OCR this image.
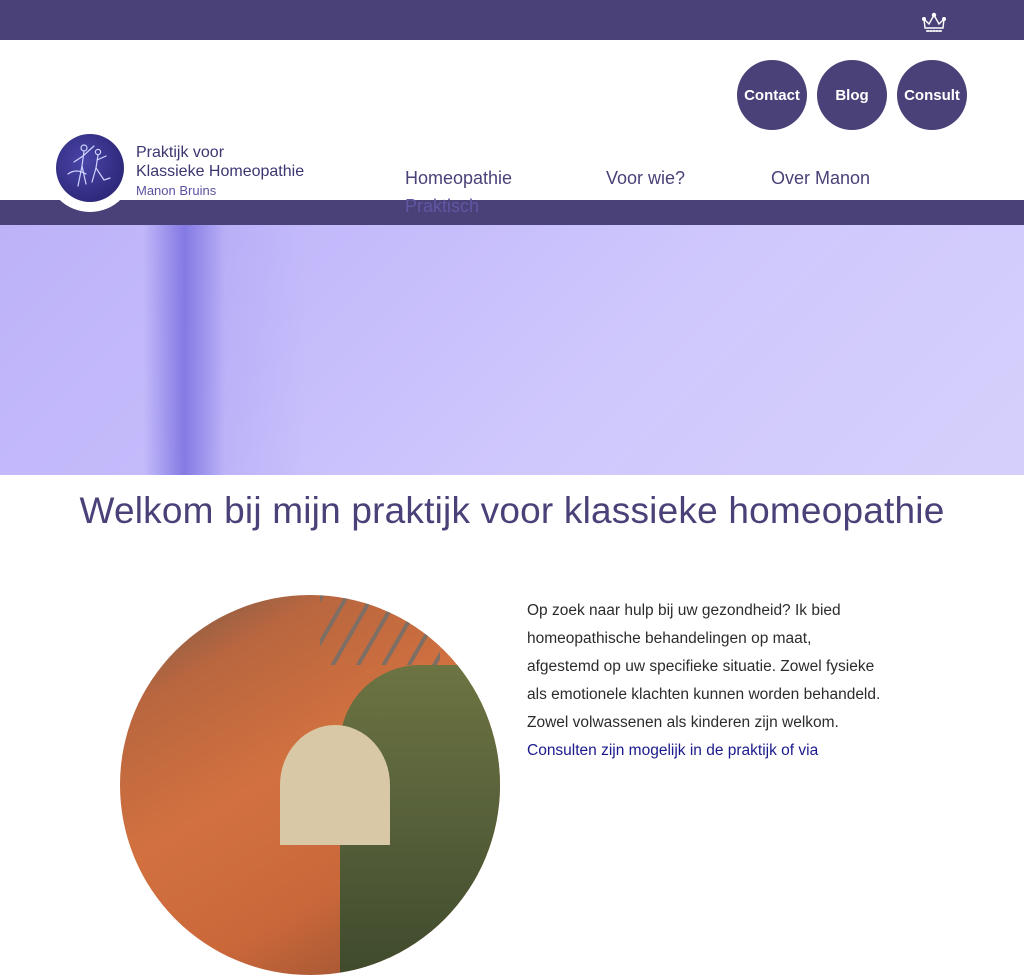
Contact Blog Consult
Praktijk voor
Klassieke Homeopathie
Manon Bruins
Homeopathie	Voor wie?	Over Manon
Praktisch
Welkom bij mijn praktijk voor klassieke homeopathie
Op zoek naar hulp bij uw gezondheid? Ik bied
homeopathische behandelingen op maat,
afgestemd op uw specifieke situatie. Zowel fysieke
als emotionele klachten kunnen worden behandeld.
Zowel volwassenen als kinderen zijn welkom.
Consulten zijn mogelijk in de praktijk of via
